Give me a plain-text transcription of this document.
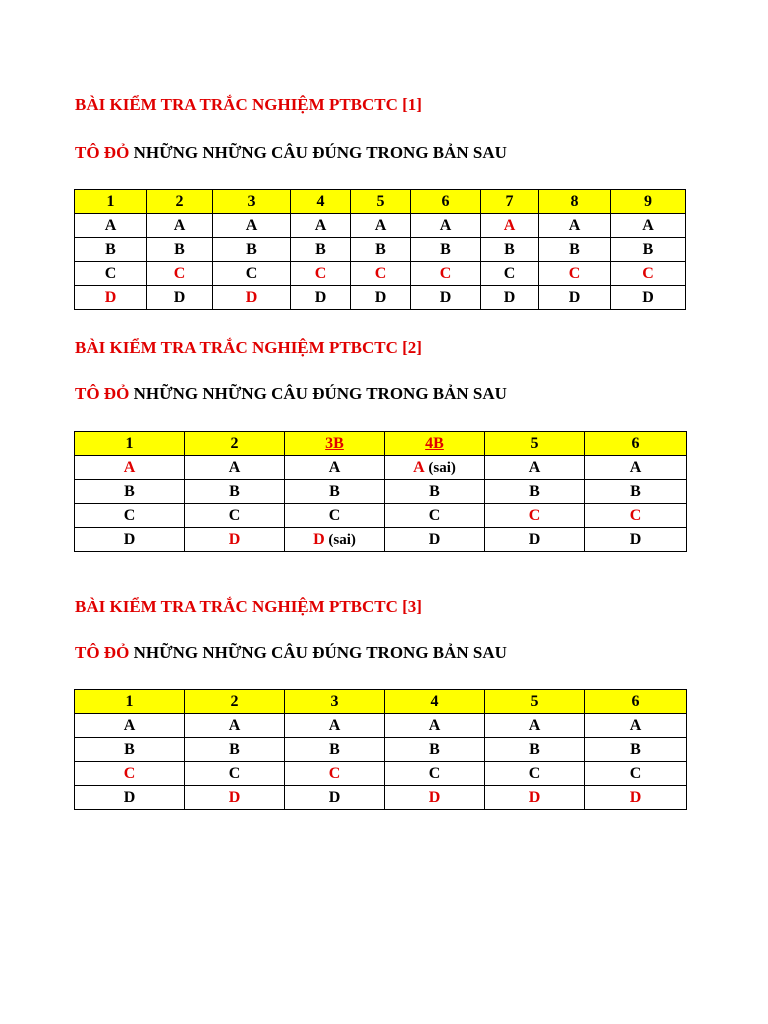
BÀI KIỂM TRA TRẮC NGHIỆM PTBCTC [1]
TÔ ĐỎ NHỮNG NHỮNG CÂU ĐÚNG TRONG BẢN SAU
1	2	3	4	5	6	7	8	9
A	A	A	A	A	A	A	A	A
B	B	B	B	B	B	B	B	B
C	C	C	C	C	C	C	C	C
D	D	D	D	D	D	D	D	D
BÀI KIỂM TRA TRẮC NGHIỆM PTBCTC [2]
TÔ ĐỎ NHỮNG NHỮNG CÂU ĐÚNG TRONG BẢN SAU
1	2	3B	4B	5	6
A	A	A	A (sai)	A	A
B	B	B	B	B	B
C	C	C	C	C	C
D	D	D (sai)	D	D	D
BÀI KIỂM TRA TRẮC NGHIỆM PTBCTC [3]
TÔ ĐỎ NHỮNG NHỮNG CÂU ĐÚNG TRONG BẢN SAU
1	2	3	4	5	6
A	A	A	A	A	A
B	B	B	B	B	B
C	C	C	C	C	C
D	D	D	D	D	D
